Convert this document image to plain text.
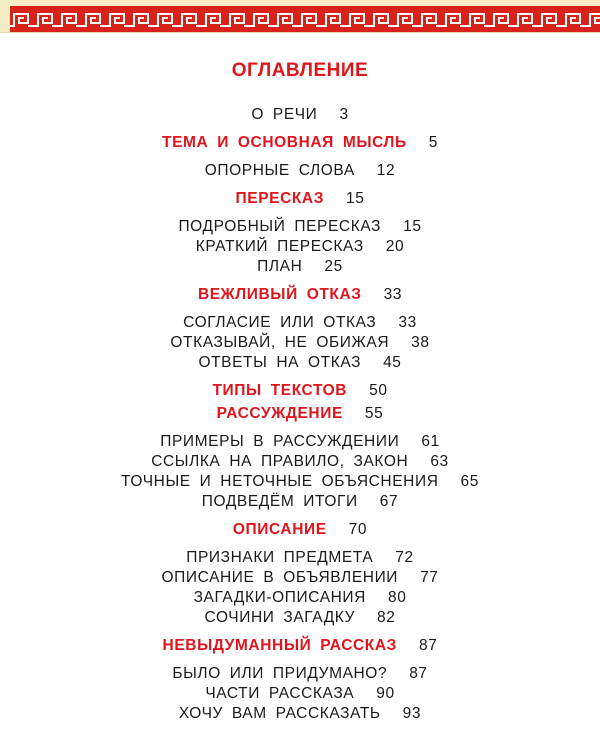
ОГЛАВЛЕНИЕ
О РЕЧИ 3
ТЕМА И ОСНОВНАЯ МЫСЛЬ 5
ОПОРНЫЕ СЛОВА 12
ПЕРЕСКАЗ 15
ПОДРОБНЫЙ ПЕРЕСКАЗ 15
КРАТКИЙ ПЕРЕСКАЗ 20
ПЛАН 25
ВЕЖЛИВЫЙ ОТКАЗ 33
СОГЛАСИЕ ИЛИ ОТКАЗ 33
ОТКАЗЫВАЙ, НЕ ОБИЖАЯ 38
ОТВЕТЫ НА ОТКАЗ 45
ТИПЫ ТЕКСТОВ 50
РАССУЖДЕНИЕ 55
ПРИМЕРЫ В РАССУЖДЕНИИ 61
ССЫЛКА НА ПРАВИЛО, ЗАКОН 63
ТОЧНЫЕ И НЕТОЧНЫЕ ОБЪЯСНЕНИЯ 65
ПОДВЕДЁМ ИТОГИ 67
ОПИСАНИЕ 70
ПРИЗНАКИ ПРЕДМЕТА 72
ОПИСАНИЕ В ОБЪЯВЛЕНИИ 77
ЗАГАДКИ-ОПИСАНИЯ 80
СОЧИНИ ЗАГАДКУ 82
НЕВЫДУМАННЫЙ РАССКАЗ 87
БЫЛО ИЛИ ПРИДУМАНО? 87
ЧАСТИ РАССКАЗА 90
ХОЧУ ВАМ РАССКАЗАТЬ 93
